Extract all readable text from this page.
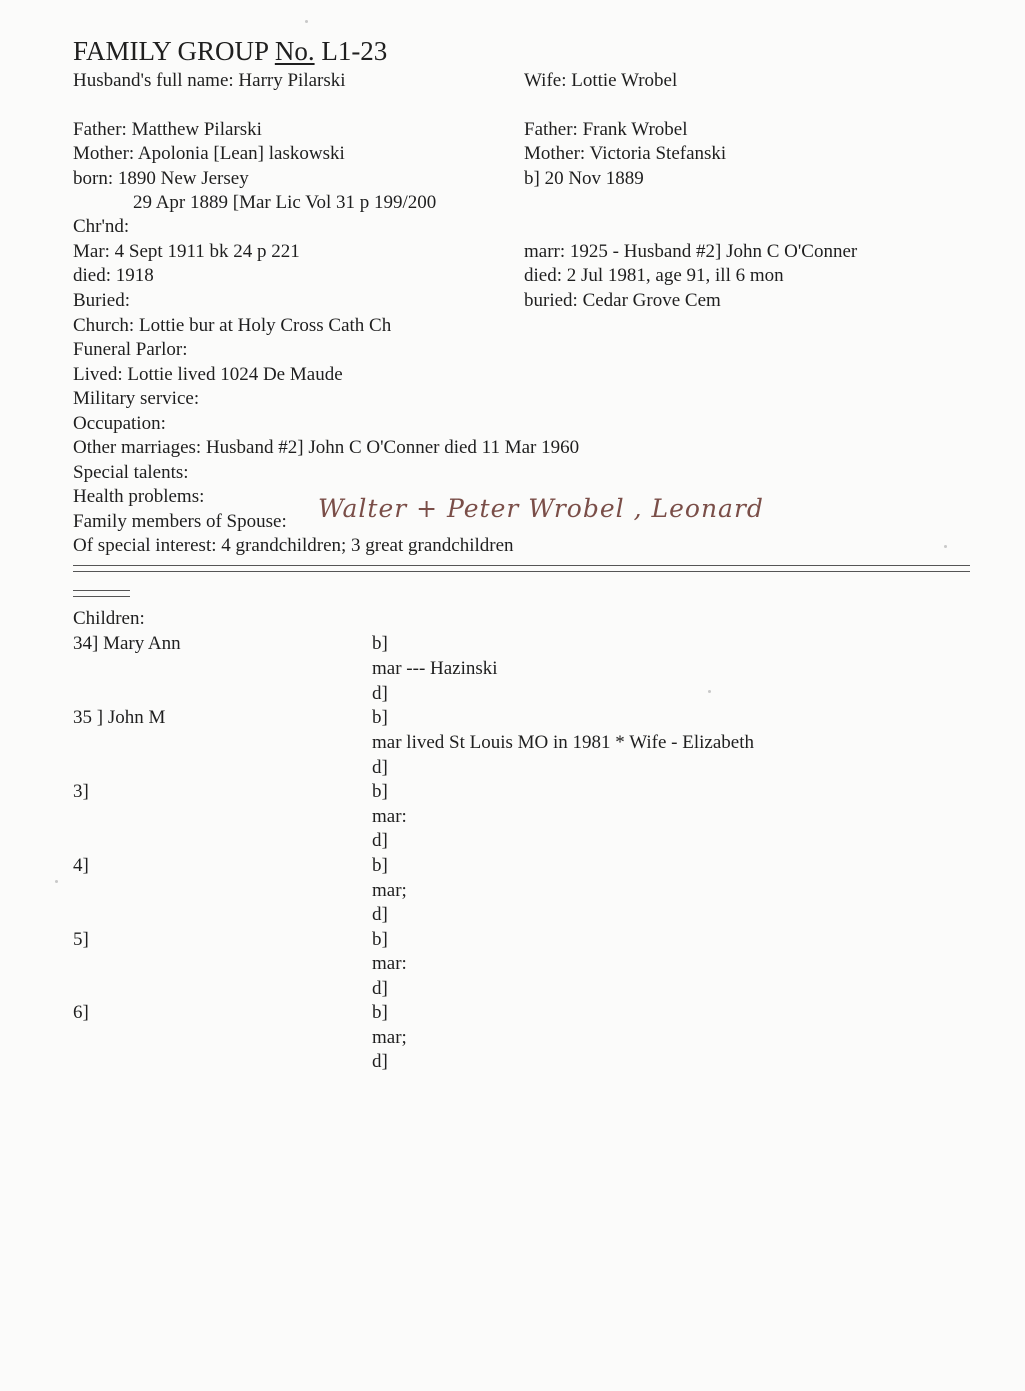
FAMILY GROUP No. L1-23
Husband's full name: Harry Pilarski
Father: Matthew Pilarski
Mother: Apolonia [Lean] laskowski
born: 1890 New Jersey
29 Apr 1889 [Mar Lic Vol 31 p 199/200
Chr'nd:
Mar: 4 Sept 1911 bk 24 p 221
died: 1918
Buried:
Church: Lottie bur at Holy Cross Cath Ch
Funeral Parlor:
Lived: Lottie lived 1024 De Maude
Military service:
Occupation:
Other marriages: Husband #2] John C O'Conner died 11 Mar 1960
Special talents:
Health problems:
Family members of Spouse: Walter + Peter Wrobel , Leonard
Of special interest: 4 grandchildren; 3 great grandchildren
Wife: Lottie Wrobel
Father: Frank Wrobel
Mother: Victoria Stefanski
b] 20 Nov 1889
marr: 1925 - Husband #2] John C O'Conner
died: 2 Jul 1981, age 91, ill 6 mon
buried: Cedar Grove Cem
Children:
34] Mary Ann	b]
mar --- Hazinski
d]
35 ] John M	b]
mar lived St Louis MO in 1981 * Wife - Elizabeth
d]
3]	b]
mar:
d]
4]	b]
mar;
d]
5]	b]
mar:
d]
6]	b]
mar;
d]
